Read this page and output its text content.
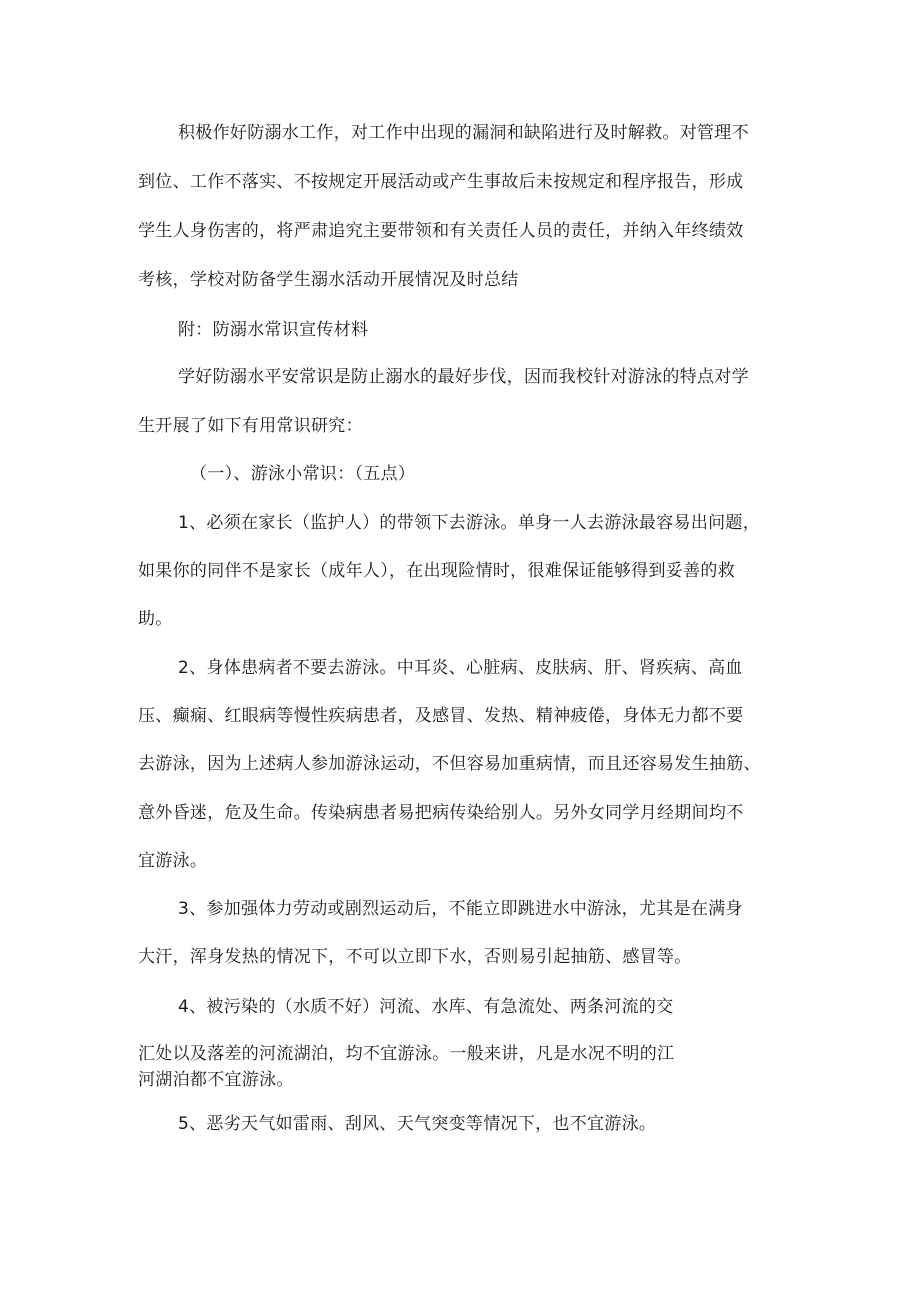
积极作好防溺水工作，对工作中出现的漏洞和缺陷进行及时解救。对管理不
到位、工作不落实、不按规定开展活动或产生事故后未按规定和程序报告，形成
学生人身伤害的，将严肃追究主要带领和有关责任人员的责任，并纳入年终绩效
考核，学校对防备学生溺水活动开展情况及时总结
附：防溺水常识宣传材料
学好防溺水平安常识是防止溺水的最好步伐，因而我校针对游泳的特点对学
生开展了如下有用常识研究：
（一）、游泳小常识：（五点）
1、必须在家长（监护人）的带领下去游泳。单身一人去游泳最容易出问题，
如果你的同伴不是家长（成年人），在出现险情时，很难保证能够得到妥善的救
助。
2、身体患病者不要去游泳。中耳炎、心脏病、皮肤病、肝、肾疾病、高血
压、癫痫、红眼病等慢性疾病患者，及感冒、发热、精神疲倦，身体无力都不要
去游泳，因为上述病人参加游泳运动，不但容易加重病情，而且还容易发生抽筋、
意外昏迷，危及生命。传染病患者易把病传染给别人。另外女同学月经期间均不
宜游泳。
3、参加强体力劳动或剧烈运动后，不能立即跳进水中游泳，尤其是在满身
大汗，浑身发热的情况下，不可以立即下水，否则易引起抽筋、感冒等。
4、被污染的（水质不好）河流、水库、有急流处、两条河流的交
汇处以及落差的河流湖泊，均不宜游泳。一般来讲，凡是水况不明的江
河湖泊都不宜游泳。
5、恶劣天气如雷雨、刮风、天气突变等情况下，也不宜游泳。
